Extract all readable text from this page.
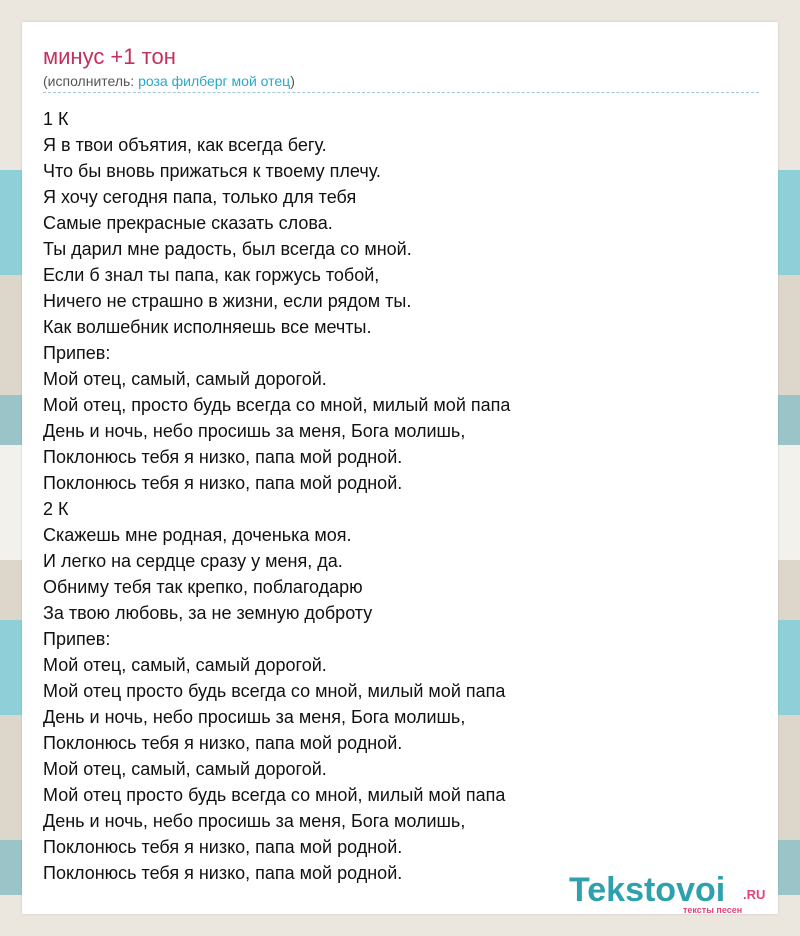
минус +1 тон
(исполнитель: роза филберг мой отец)
1 К
Я в твои объятия, как всегда бегу.
Что бы вновь прижаться к твоему плечу.
Я хочу сегодня папа, только для тебя
Самые прекрасные сказать слова.
Ты дарил мне радость, был всегда со мной.
Если б знал ты папа, как горжусь тобой,
Ничего не страшно в жизни, если рядом ты.
Как волшебник исполняешь все мечты.
Припев:
Мой отец, самый, самый дорогой.
Мой отец, просто будь всегда со мной, милый мой папа
День и ночь, небо просишь за меня, Бога молишь,
Поклонюсь тебя я низко, папа мой родной.
Поклонюсь тебя я низко, папа мой родной.
2 К
Скажешь мне родная, доченька моя.
И легко на сердце сразу у меня, да.
Обниму тебя так крепко, поблагодарю
За твою любовь, за не земную доброту
Припев:
Мой отец, самый, самый дорогой.
Мой отец просто будь всегда со мной, милый мой папа
День и ночь, небо просишь за меня, Бога молишь,
Поклонюсь тебя я низко, папа мой родной.
Мой отец, самый, самый дорогой.
Мой отец просто будь всегда со мной, милый мой папа
День и ночь, небо просишь за меня, Бога молишь,
Поклонюсь тебя я низко, папа мой родной.
Поклонюсь тебя я низко, папа мой родной.	Tekstovoi .RU
тексты песен
